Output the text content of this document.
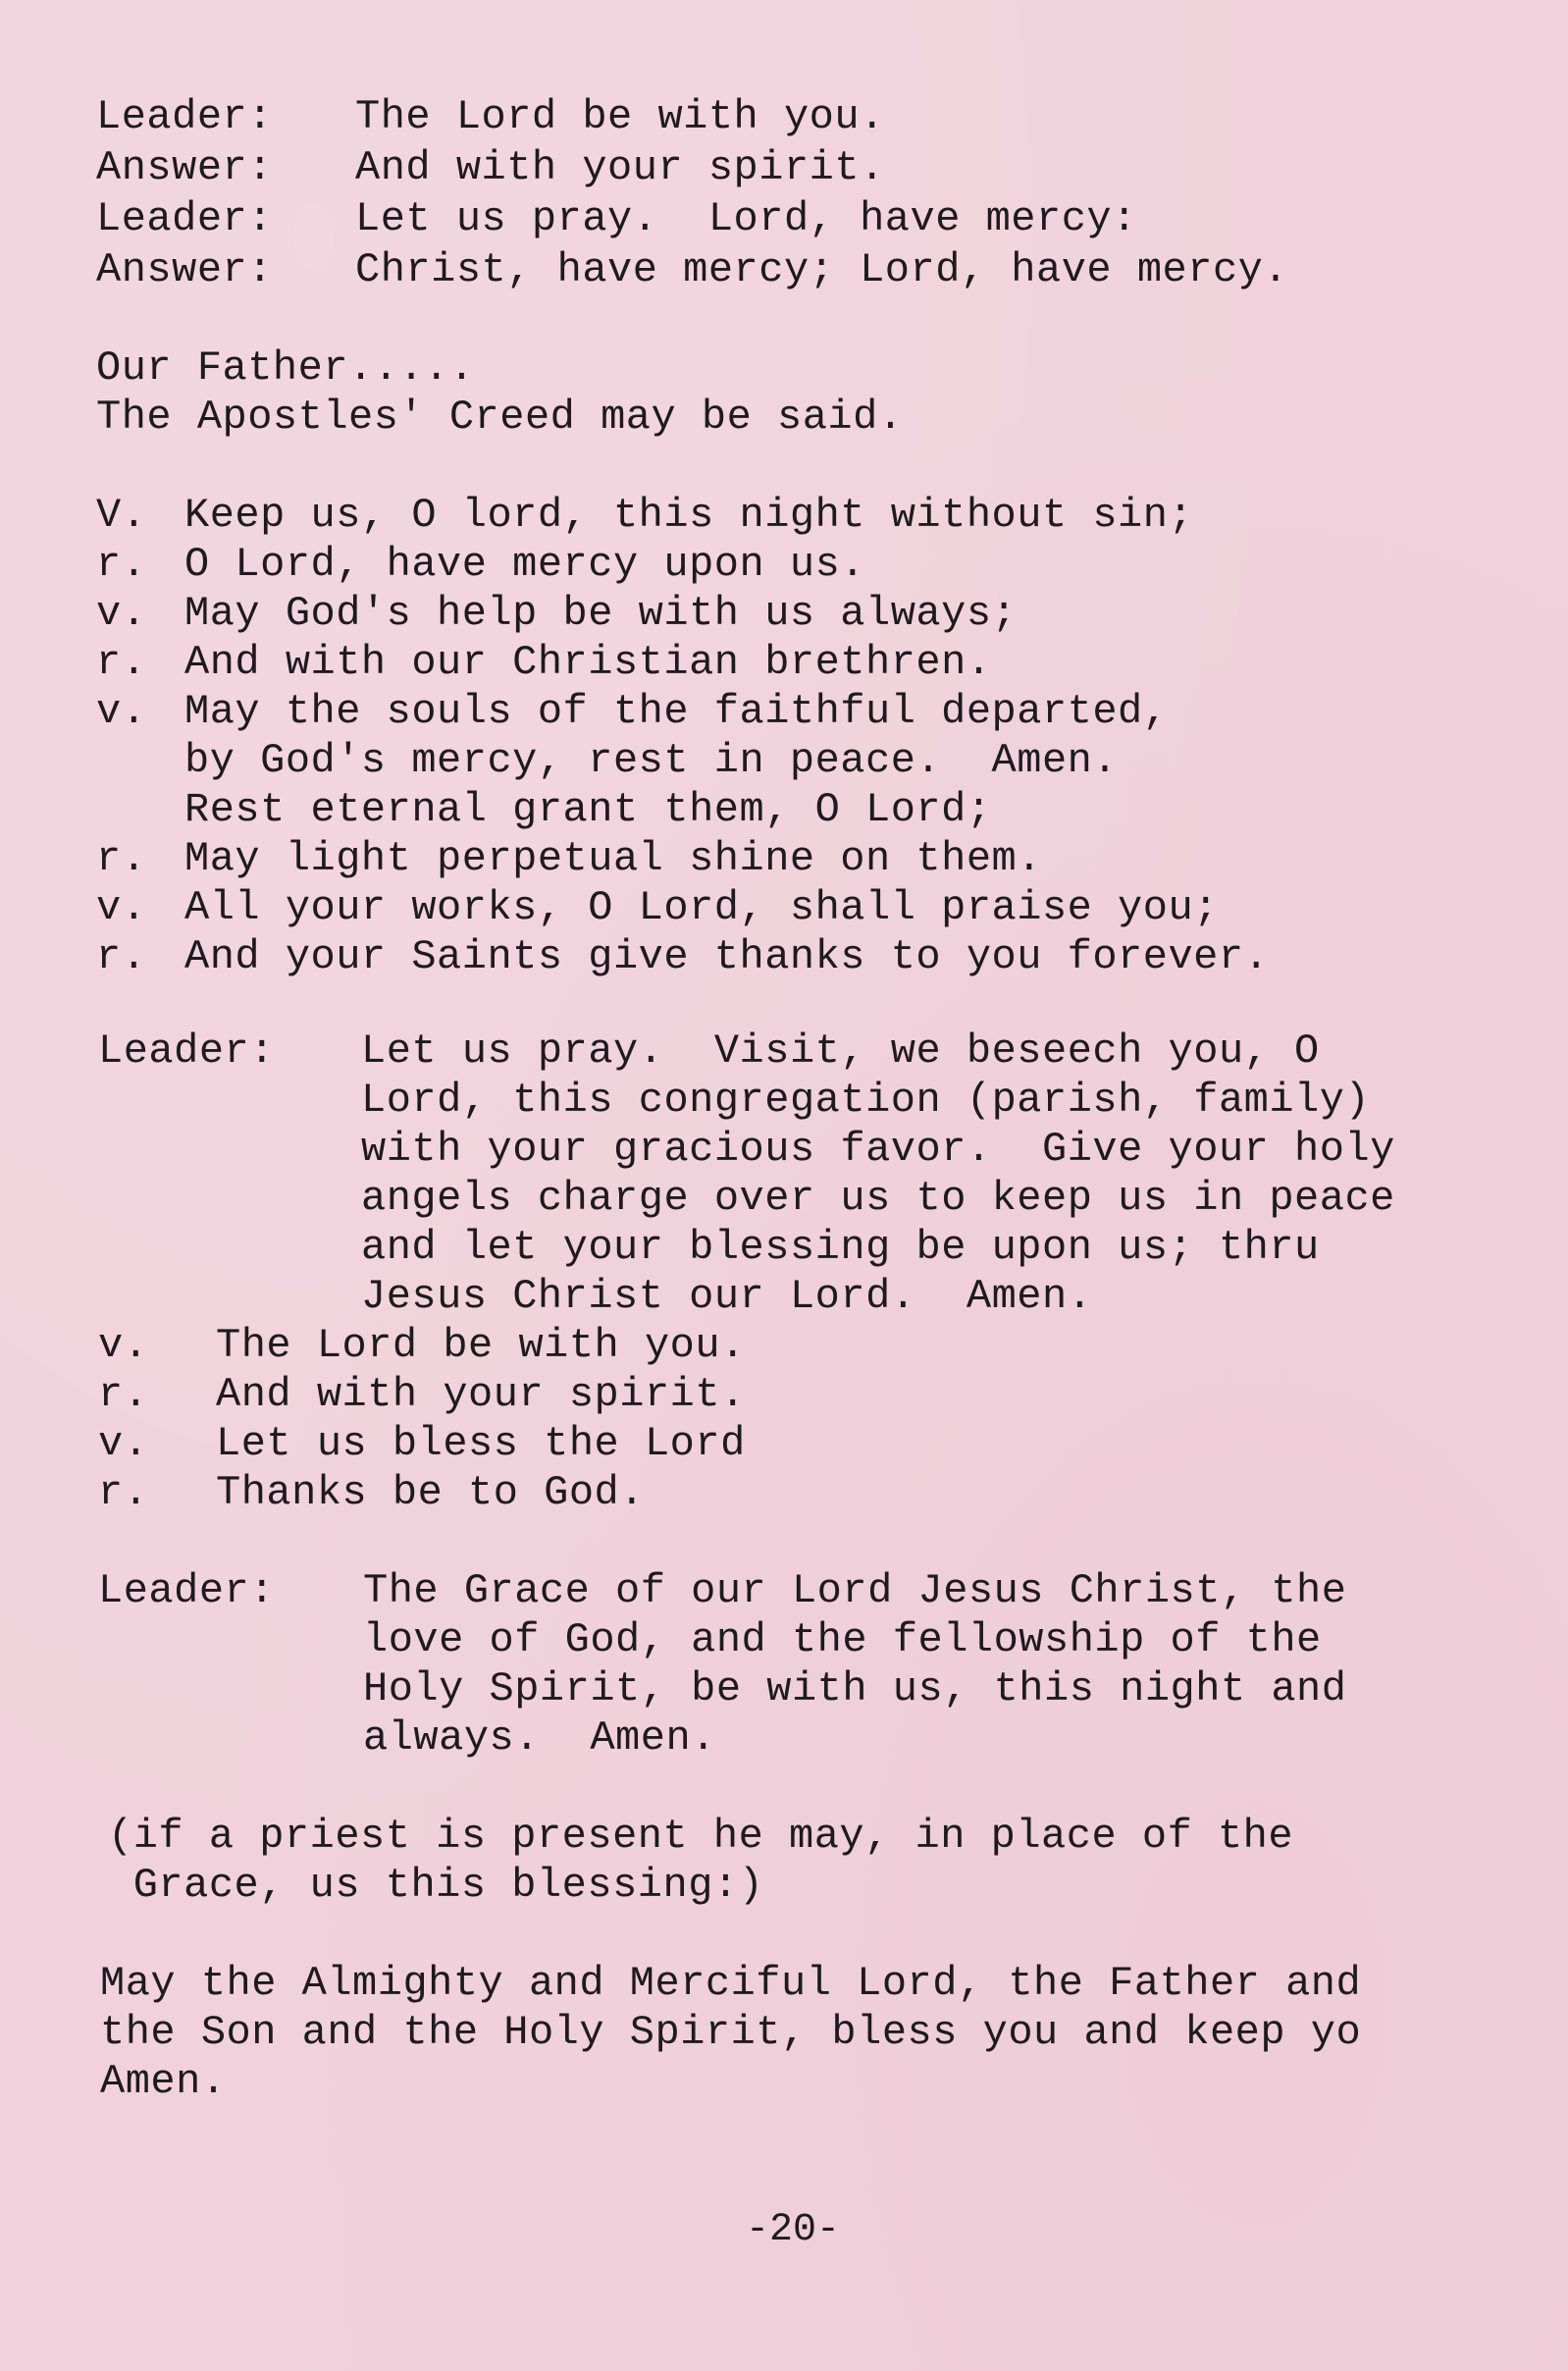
Leader: The Lord be with you.
Answer: And with your spirit.
Leader: Let us pray.  Lord, have mercy:
Answer: Christ, have mercy; Lord, have mercy.
Our Father.....
The Apostles' Creed may be said.
V. Keep us, O lord, this night without sin;
r. O Lord, have mercy upon us.
v. May God's help be with us always;
r. And with our Christian brethren.
v. May the souls of the faithful departed,
by God's mercy, rest in peace.  Amen.
Rest eternal grant them, O Lord;
r. May light perpetual shine on them.
v. All your works, O Lord, shall praise you;
r. And your Saints give thanks to you forever.
Leader: Let us pray.  Visit, we beseech you, O
Lord, this congregation (parish, family)
with your gracious favor.  Give your holy
angels charge over us to keep us in peace
and let your blessing be upon us; thru
Jesus Christ our Lord.  Amen.
v. The Lord be with you.
r. And with your spirit.
v. Let us bless the Lord
r. Thanks be to God.
Leader: The Grace of our Lord Jesus Christ, the
love of God, and the fellowship of the
Holy Spirit, be with us, this night and
always.  Amen.
(if a priest is present he may, in place of the
Grace, us this blessing:)
May the Almighty and Merciful Lord, the Father and
the Son and the Holy Spirit, bless you and keep yo
Amen.
-20-
